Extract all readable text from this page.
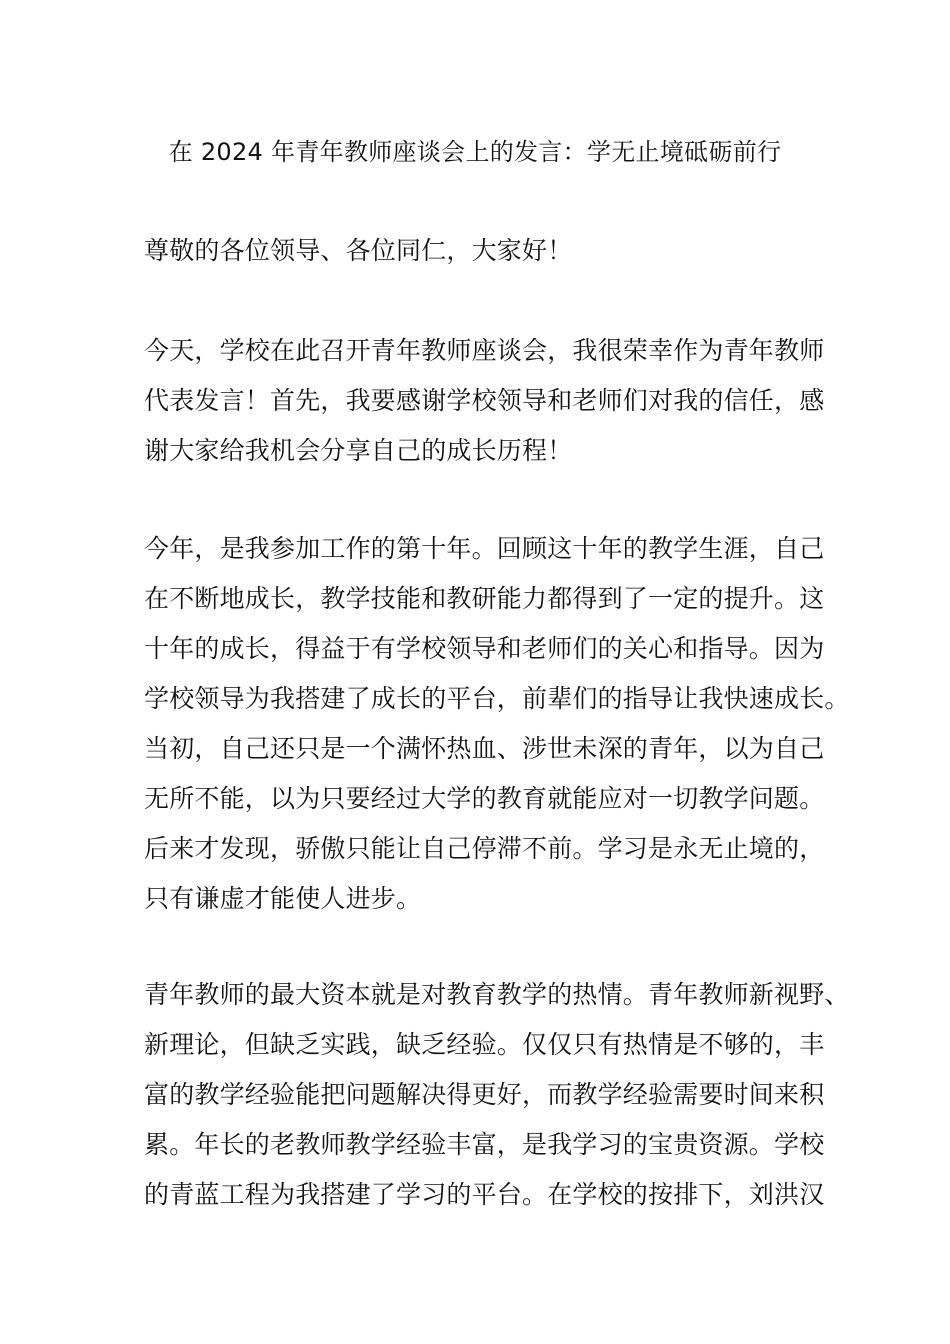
在 2024 年青年教师座谈会上的发言：学无止境砥砺前行

尊敬的各位领导、各位同仁，大家好！

今天，学校在此召开青年教师座谈会，我很荣幸作为青年教师
代表发言！首先，我要感谢学校领导和老师们对我的信任，感
谢大家给我机会分享自己的成长历程！

今年，是我参加工作的第十年。回顾这十年的教学生涯，自己
在不断地成长，教学技能和教研能力都得到了一定的提升。这
十年的成长，得益于有学校领导和老师们的关心和指导。因为
学校领导为我搭建了成长的平台，前辈们的指导让我快速成长。
当初，自己还只是一个满怀热血、涉世未深的青年，以为自己
无所不能，以为只要经过大学的教育就能应对一切教学问题。
后来才发现，骄傲只能让自己停滞不前。学习是永无止境的，
只有谦虚才能使人进步。

青年教师的最大资本就是对教育教学的热情。青年教师新视野、
新理论，但缺乏实践，缺乏经验。仅仅只有热情是不够的，丰
富的教学经验能把问题解决得更好，而教学经验需要时间来积
累。年长的老教师教学经验丰富，是我学习的宝贵资源。学校
的青蓝工程为我搭建了学习的平台。在学校的按排下，刘洪汉
